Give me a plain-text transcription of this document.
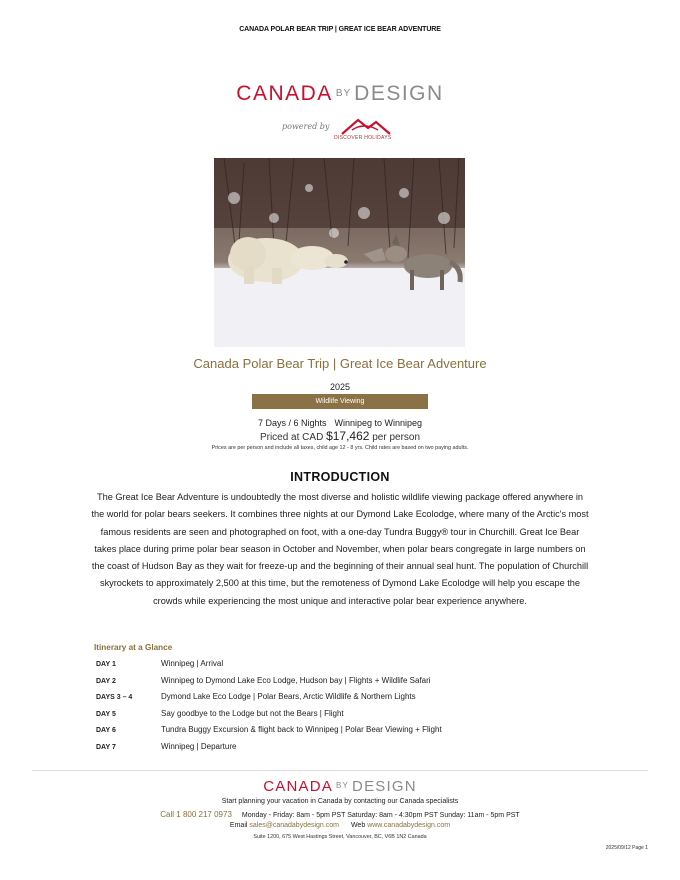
CANADA POLAR BEAR TRIP | GREAT ICE BEAR ADVENTURE
CANADA BY DESIGN
powered by
DISCOVER HOLIDAYS
Canada Polar Bear Trip | Great Ice Bear Adventure
2025
Wildlife Viewing
7 Days / 6 Nights Winnipeg to Winnipeg
Priced at CAD $17,462 per person
Prices are per person and include all taxes, child age 12 - 8 yrs. Child rates are based on two paying adults.
INTRODUCTION

The Great Ice Bear Adventure is undoubtedly the most diverse and holistic wildlife viewing package offered anywhere in the world for polar bears seekers. It combines three nights at our Dymond Lake Ecolodge, where many of the Arctic's most famous residents are seen and photographed on foot, with a one-day Tundra Buggy® tour in Churchill. Great Ice Bear takes place during prime polar bear season in October and November, when polar bears congregate in large numbers on the coast of Hudson Bay as they wait for freeze-up and the beginning of their annual seal hunt. The population of Churchill skyrockets to approximately 2,500 at this time, but the remoteness of Dymond Lake Ecolodge will help you escape the crowds while experiencing the most unique and interactive polar bear experience anywhere.

Itinerary at a Glance
DAY 1	Winnipeg | Arrival
DAY 2	Winnipeg to Dymond Lake Eco Lodge, Hudson bay | Flights + Wildlife Safari
DAYS 3 – 4	Dymond Lake Eco Lodge | Polar Bears, Arctic Wildlife & Northern Lights
DAY 5	Say goodbye to the Lodge but not the Bears | Flight
DAY 6	Tundra Buggy Excursion & flight back to Winnipeg | Polar Bear Viewing + Flight
DAY 7	Winnipeg | Departure
CANADA $^{BY}$ DESIGN
Start planning your vacation in Canada by contacting our Canada specialists
Call 1 800 217 0973 Monday - Friday: 8am - 5pm PST Saturday: 8am - 4:30pm PST Sunday: 11am - 5pm PST
Email sales@canadabydesign.com Web www.canadabydesign.com
Suite 1200, 675 West Hastings Street, Vancouver, BC, V6B 1N2 Canada
2025/09/12 Page 1
